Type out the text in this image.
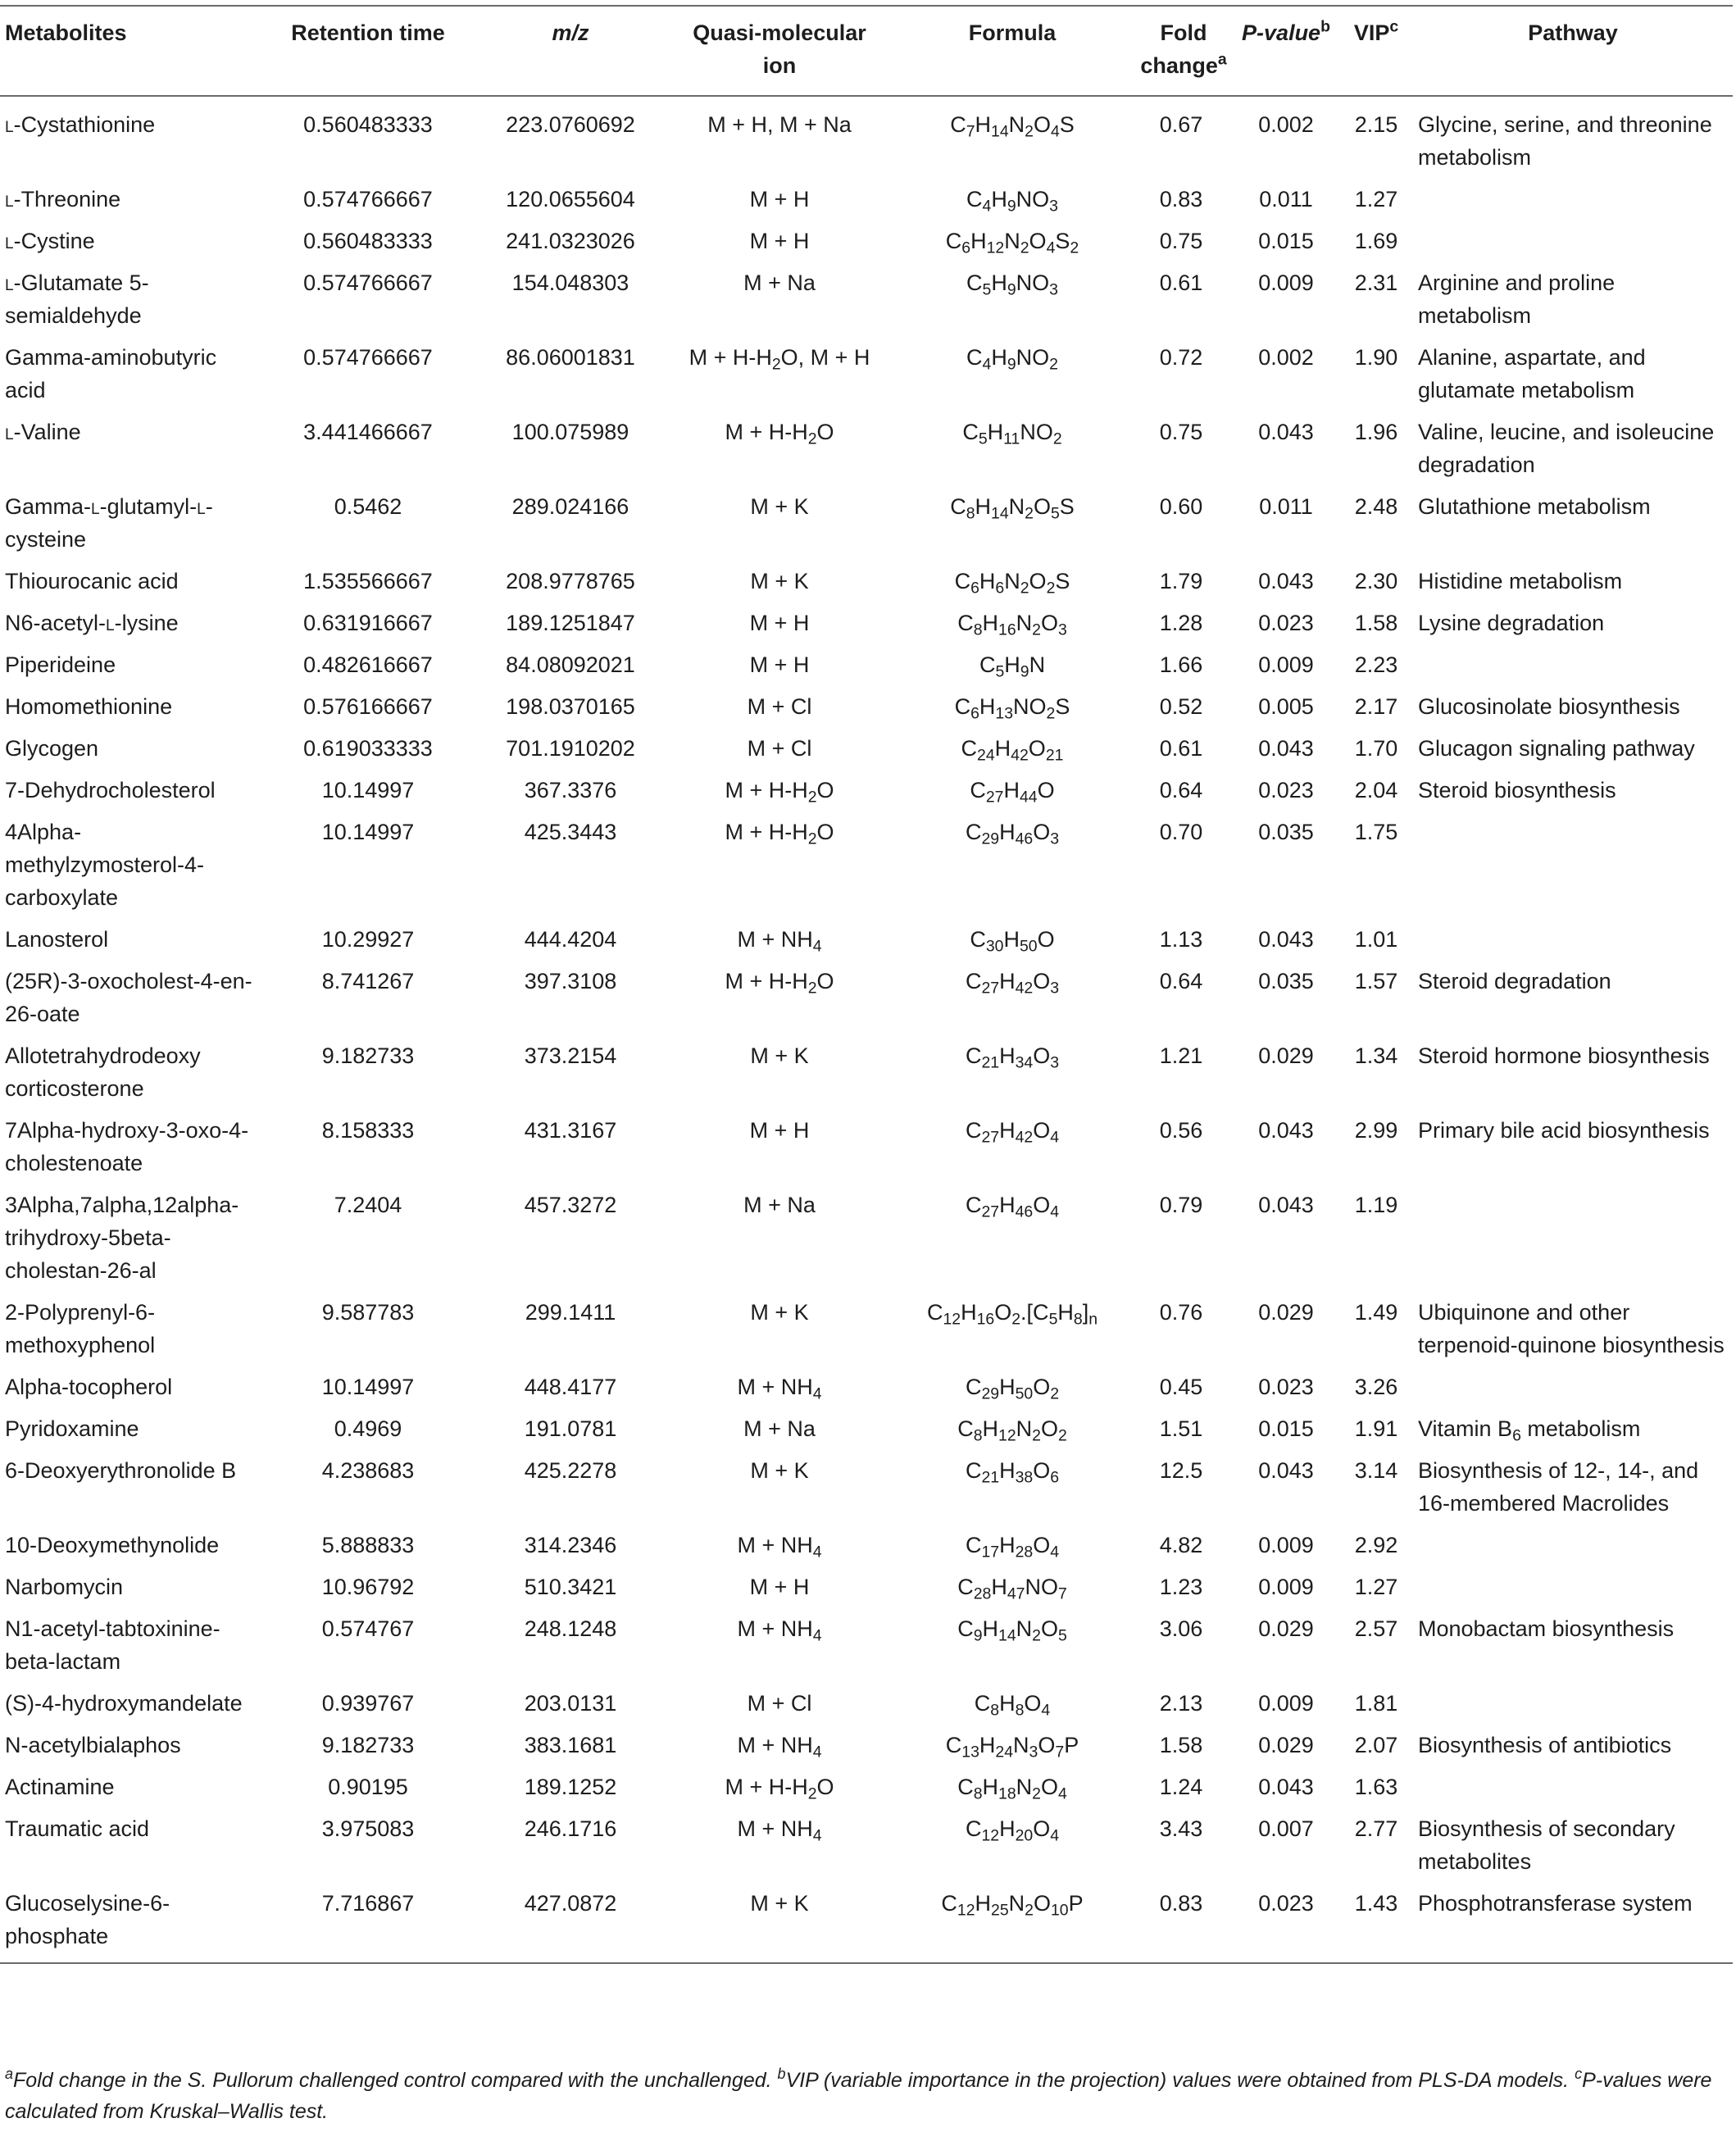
Metabolites	Retention time	m/z	Quasi-molecular ion	Formula	Fold change$^a$	P-value$^b$	VIP$^c$	Pathway
l-Cystathionine	0.560483333	223.0760692	M + H, M + Na	$C_7H_{14}N_2O_4S$	0.67	0.002	2.15	Glycine, serine, and threonine metabolism
l-Threonine	0.574766667	120.0655604	M + H	$C_4H_9NO_3$	0.83	0.011	1.27	
l-Cystine	0.560483333	241.0323026	M + H	$C_6H_{12}N_2O_4S_2$	0.75	0.015	1.69	
l-Glutamate 5-semialdehyde	0.574766667	154.048303	M + Na	$C_5H_9NO_3$	0.61	0.009	2.31	Arginine and proline metabolism
Gamma-aminobutyric acid	0.574766667	86.06001831	$M + H-H_2O$, M + H	$C_4H_9NO_2$	0.72	0.002	1.90	Alanine, aspartate, and glutamate metabolism
l-Valine	3.441466667	100.075989	$M + H-H_2O$	$C_5H_{11}NO_2$	0.75	0.043	1.96	Valine, leucine, and isoleucine degradation
Gamma-l-glutamyl-l-cysteine	0.5462	289.024166	M + K	$C_8H_{14}N_2O_5S$	0.60	0.011	2.48	Glutathione metabolism
Thiourocanic acid	1.535566667	208.9778765	M + K	$C_6H_6N_2O_2S$	1.79	0.043	2.30	Histidine metabolism
N6-acetyl-l-lysine	0.631916667	189.1251847	M + H	$C_8H_{16}N_2O_3$	1.28	0.023	1.58	Lysine degradation
Piperideine	0.482616667	84.08092021	M + H	$C_5H_9N$	1.66	0.009	2.23	
Homomethionine	0.576166667	198.0370165	M + Cl	$C_6H_{13}NO_2S$	0.52	0.005	2.17	Glucosinolate biosynthesis
Glycogen	0.619033333	701.1910202	M + Cl	$C_{24}H_{42}O_{21}$	0.61	0.043	1.70	Glucagon signaling pathway
7-Dehydrocholesterol	10.14997	367.3376	$M + H-H_2O$	$C_{27}H_{44}O$	0.64	0.023	2.04	Steroid biosynthesis
4Alpha-methylzymosterol-4-carboxylate	10.14997	425.3443	$M + H-H_2O$	$C_{29}H_{46}O_3$	0.70	0.035	1.75	
Lanosterol	10.29927	444.4204	$M + NH_4$	$C_{30}H_{50}O$	1.13	0.043	1.01	
(25R)-3-oxocholest-4-en-26-oate	8.741267	397.3108	$M + H-H_2O$	$C_{27}H_{42}O_3$	0.64	0.035	1.57	Steroid degradation
Allotetrahydrodeoxy corticosterone	9.182733	373.2154	M + K	$C_{21}H_{34}O_3$	1.21	0.029	1.34	Steroid hormone biosynthesis
7Alpha-hydroxy-3-oxo-4-cholestenoate	8.158333	431.3167	M + H	$C_{27}H_{42}O_4$	0.56	0.043	2.99	Primary bile acid biosynthesis
3Alpha,7alpha,12alpha-trihydroxy-5beta-cholestan-26-al	7.2404	457.3272	M + Na	$C_{27}H_{46}O_4$	0.79	0.043	1.19	
2-Polyprenyl-6-methoxyphenol	9.587783	299.1411	M + K	$C_{12}H_{16}O_2.[C_5H_8]_n$	0.76	0.029	1.49	Ubiquinone and other terpenoid-quinone biosynthesis
Alpha-tocopherol	10.14997	448.4177	$M + NH_4$	$C_{29}H_{50}O_2$	0.45	0.023	3.26	
Pyridoxamine	0.4969	191.0781	M + Na	$C_8H_{12}N_2O_2$	1.51	0.015	1.91	Vitamin $B_6$ metabolism
6-Deoxyerythronolide B	4.238683	425.2278	M + K	$C_{21}H_{38}O_6$	12.5	0.043	3.14	Biosynthesis of 12-, 14-, and 16-membered Macrolides
10-Deoxymethynolide	5.888833	314.2346	$M + NH_4$	$C_{17}H_{28}O_4$	4.82	0.009	2.92	
Narbomycin	10.96792	510.3421	M + H	$C_{28}H_{47}NO_7$	1.23	0.009	1.27	
N1-acetyl-tabtoxinine-beta-lactam	0.574767	248.1248	$M + NH_4$	$C_9H_{14}N_2O_5$	3.06	0.029	2.57	Monobactam biosynthesis
(S)-4-hydroxymandelate	0.939767	203.0131	M + Cl	$C_8H_8O_4$	2.13	0.009	1.81	
N-acetylbialaphos	9.182733	383.1681	$M + NH_4$	$C_{13}H_{24}N_3O_7P$	1.58	0.029	2.07	Biosynthesis of antibiotics
Actinamine	0.90195	189.1252	$M + H-H_2O$	$C_8H_{18}N_2O_4$	1.24	0.043	1.63	
Traumatic acid	3.975083	246.1716	$M + NH_4$	$C_{12}H_{20}O_4$	3.43	0.007	2.77	Biosynthesis of secondary metabolites
Glucoselysine-6-phosphate	7.716867	427.0872	M + K	$C_{12}H_{25}N_2O_{10}P$	0.83	0.023	1.43	Phosphotransferase system
$^a$Fold change in the S. Pullorum challenged control compared with the unchallenged. $^b$VIP (variable importance in the projection) values were obtained from PLS-DA models. $^c$P-values were calculated from Kruskal–Wallis test.
